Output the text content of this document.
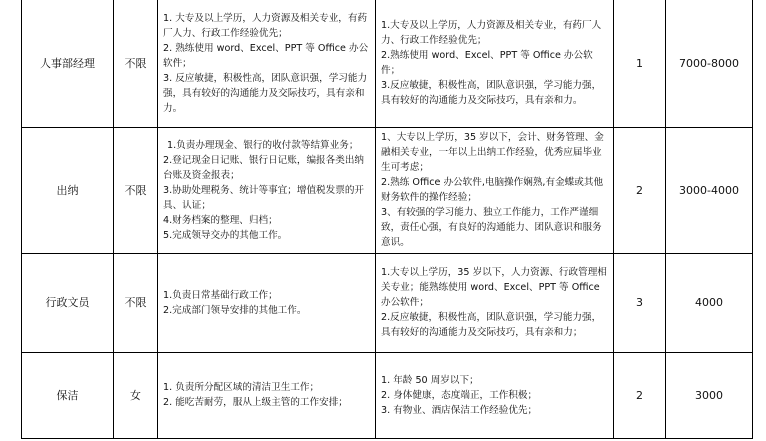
人事部经理	不限	1. 大专及以上学历，人力资源及相关专业，有药厂人力、行政工作经验优先；
2. 熟练使用 word、Excel、PPT 等 Office 办公软件；
3. 反应敏捷，积极性高，团队意识强，学习能力强，具有较好的沟通能力及交际技巧，具有亲和力。	1.大专及以上学历，人力资源及相关专业，有药厂人力、行政工作经验优先；
2.熟练使用 word、Excel、PPT 等 Office 办公软件；
3.反应敏捷，积极性高，团队意识强，学习能力强，具有较好的沟通能力及交际技巧，具有亲和力。	1	7000-8000
出纳	不限	1.负责办理现金、银行的收付款等结算业务；
2.登记现金日记账、银行日记账，编报各类出纳台账及资金报表；
3.协助处理税务、统计等事宜；增值税发票的开具、认证；
4.财务档案的整理、归档；
5.完成领导交办的其他工作。	1、大专以上学历，35 岁以下，会计、财务管理、金融相关专业，一年以上出纳工作经验，优秀应届毕业生可考虑；
2.熟练 Office 办公软件,电脑操作娴熟,有金蝶或其他财务软件的操作经验；
3、有较强的学习能力、独立工作能力，工作严谨细致，责任心强，有良好的沟通能力、团队意识和服务意识。	2	3000-4000
行政文员	不限	1.负责日常基础行政工作；
2.完成部门领导安排的其他工作。	1.大专以上学历，35 岁以下，人力资源、行政管理相关专业；能熟练使用 word、Excel、PPT 等 Office 办公软件；
2.反应敏捷，积极性高，团队意识强，学习能力强，具有较好的沟通能力及交际技巧，具有亲和力；	3	4000
保洁	女	1. 负责所分配区域的清洁卫生工作；
2. 能吃苦耐劳，服从上级主管的工作安排；	1. 年龄 50 周岁以下；
2. 身体健康，态度端正，工作积极；
3. 有物业、酒店保洁工作经验优先；	2	3000
